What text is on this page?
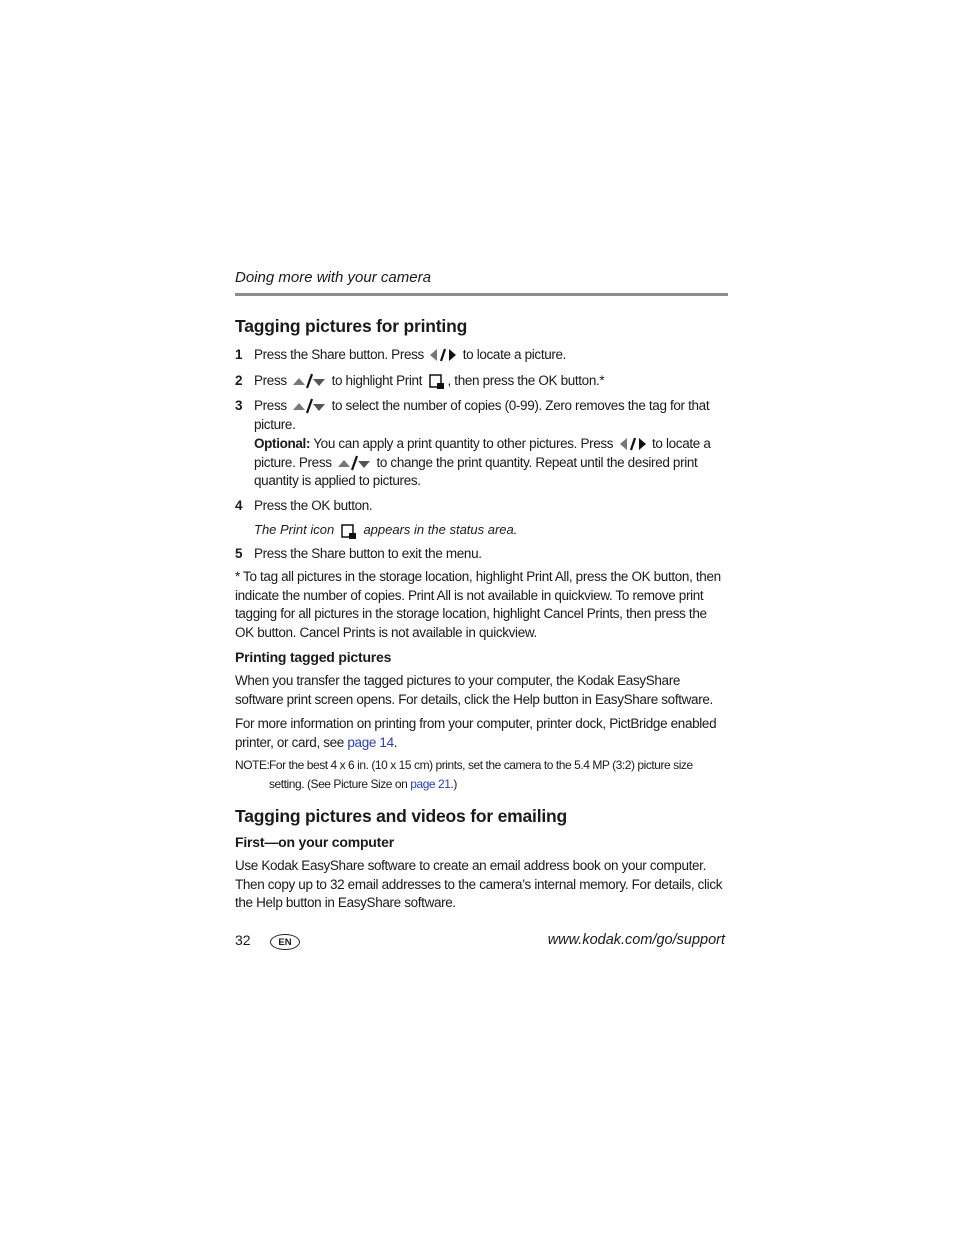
Doing more with your camera
Tagging pictures for printing
1 Press the Share button. Press	to locate a picture.
2 Press	to highlight Print , then press the OK button.*
3 Press	to select the number of copies (0-99). Zero removes the tag for that picture.

Optional: You can apply a print quantity to other pictures. Press	to locate a picture. Press	to change the print quantity. Repeat until the desired print quantity is applied to pictures.

4 Press the OK button.
The Print icon appears in the status area.
5 Press the Share button to exit the menu.

* To tag all pictures in the storage location, highlight Print All, press the OK button, then indicate the number of copies. Print All is not available in quickview. To remove print tagging for all pictures in the storage location, highlight Cancel Prints, then press the OK button. Cancel Prints is not available in quickview.

Printing tagged pictures

When you transfer the tagged pictures to your computer, the Kodak EasyShare software print screen opens. For details, click the Help button in EasyShare software.

For more information on printing from your computer, printer dock, PictBridge enabled printer, or card, see page 14.

NOTE: For the best 4 x 6 in. (10 x 15 cm) prints, set the camera to the 5.4 MP (3:2) picture size setting. (See Picture Size on page 21.)
Tagging pictures and videos for emailing
First—on your computer

Use Kodak EasyShare software to create an email address book on your computer. Then copy up to 32 email addresses to the camera’s internal memory. For details, click the Help button in EasyShare software.

32	EN	www.kodak.com/go/support
